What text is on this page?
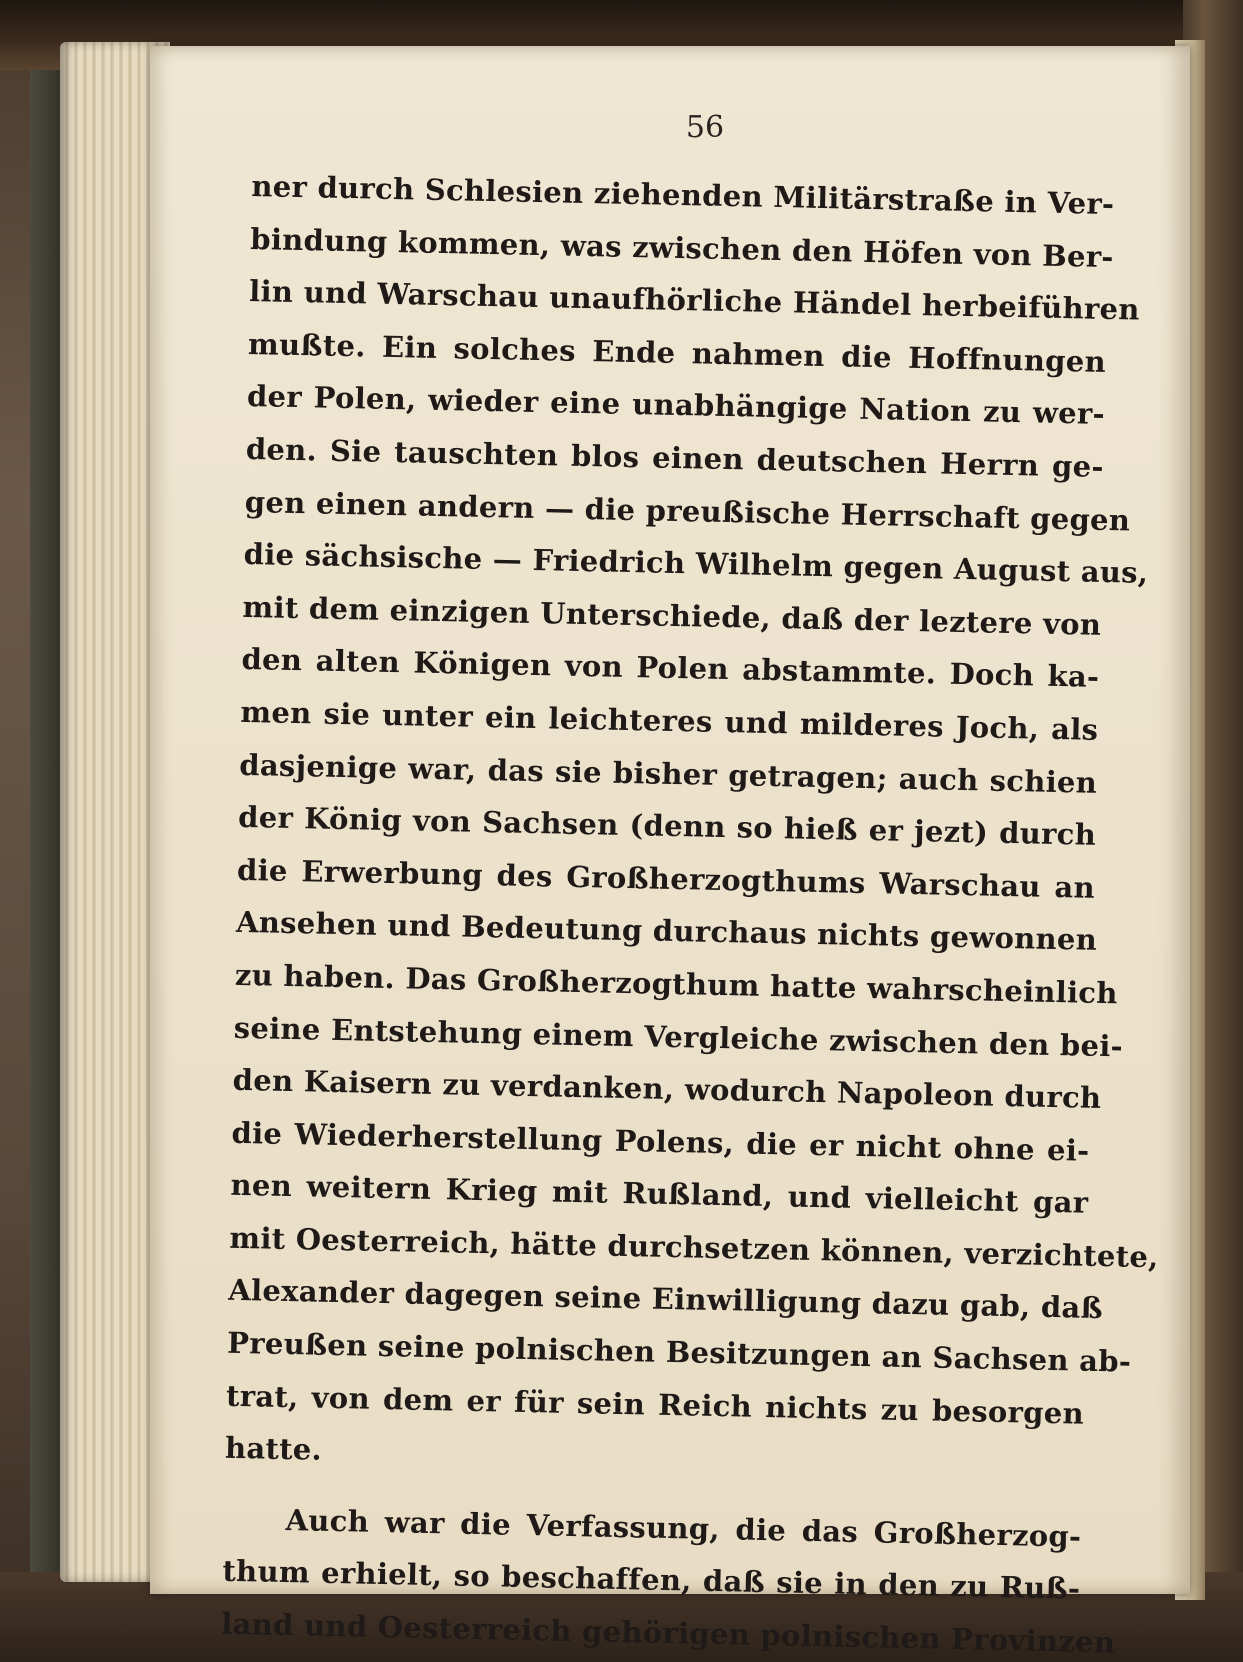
56
ner durch Schlesien ziehenden Militärstraße in Ver-
bindung kommen, was zwischen den Höfen von Ber-
lin und Warschau unaufhörliche Händel herbeiführen
mußte. Ein solches Ende nahmen die Hoffnungen
der Polen, wieder eine unabhängige Nation zu wer-
den. Sie tauschten blos einen deutschen Herrn ge-
gen einen andern — die preußische Herrschaft gegen
die sächsische — Friedrich Wilhelm gegen August aus,
mit dem einzigen Unterschiede, daß der leztere von
den alten Königen von Polen abstammte. Doch ka-
men sie unter ein leichteres und milderes Joch, als
dasjenige war, das sie bisher getragen; auch schien
der König von Sachsen (denn so hieß er jezt) durch
die Erwerbung des Großherzogthums Warschau an
Ansehen und Bedeutung durchaus nichts gewonnen
zu haben. Das Großherzogthum hatte wahrscheinlich
seine Entstehung einem Vergleiche zwischen den bei-
den Kaisern zu verdanken, wodurch Napoleon durch
die Wiederherstellung Polens, die er nicht ohne ei-
nen weitern Krieg mit Rußland, und vielleicht gar
mit Oesterreich, hätte durchsetzen können, verzichtete,
Alexander dagegen seine Einwilligung dazu gab, daß
Preußen seine polnischen Besitzungen an Sachsen ab-
trat, von dem er für sein Reich nichts zu besorgen
hatte.
Auch war die Verfassung, die das Großherzog-
thum erhielt, so beschaffen, daß sie in den zu Ruß-
land und Oesterreich gehörigen polnischen Provinzen
